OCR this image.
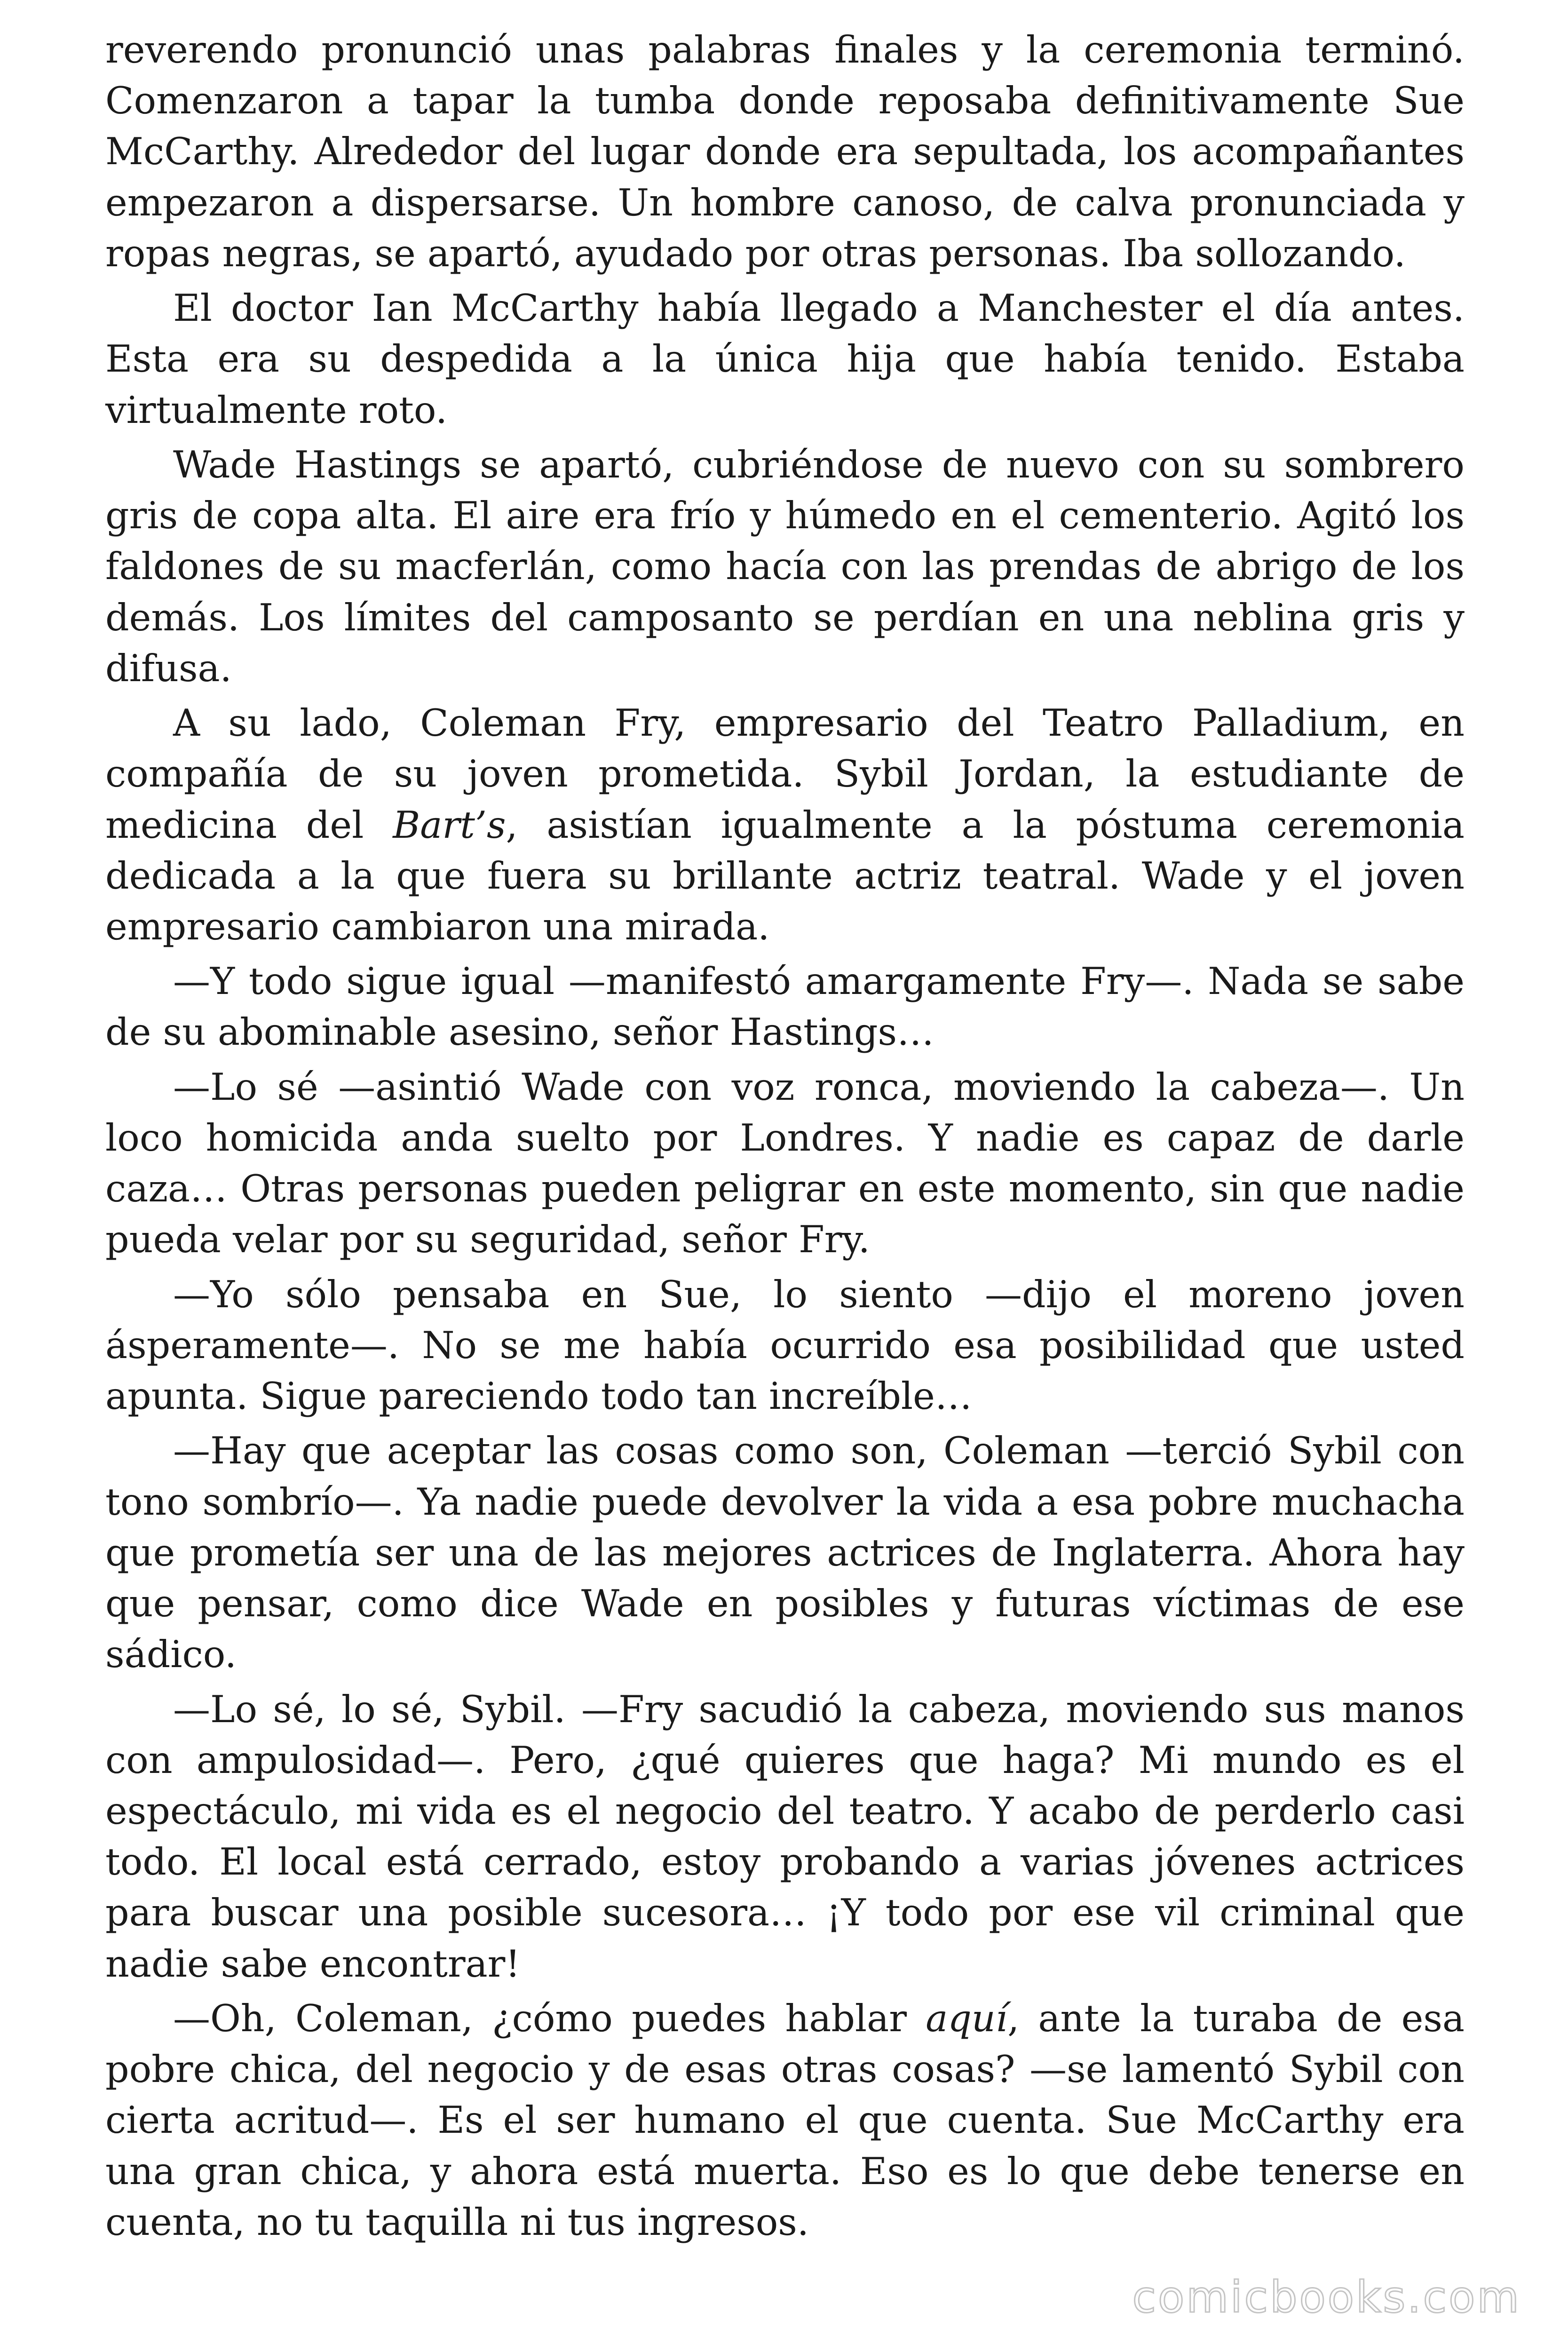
reverendo pronunció unas palabras finales y la ceremonia terminó. Comenzaron a tapar la tumba donde reposaba definitivamente Sue McCarthy. Alrededor del lugar donde era sepultada, los acompañantes empezaron a dispersarse. Un hombre canoso, de calva pronunciada y ropas negras, se apartó, ayudado por otras personas. Iba sollozando.

El doctor Ian McCarthy había llegado a Manchester el día antes. Esta era su despedida a la única hija que había tenido. Estaba virtualmente roto.

Wade Hastings se apartó, cubriéndose de nuevo con su sombrero gris de copa alta. El aire era frío y húmedo en el cementerio. Agitó los faldones de su macferlán, como hacía con las prendas de abrigo de los demás. Los límites del camposanto se perdían en una neblina gris y difusa.

A su lado, Coleman Fry, empresario del Teatro Palladium, en compañía de su joven prometida. Sybil Jordan, la estudiante de medicina del Bart’s, asistían igualmente a la póstuma ceremonia dedicada a la que fuera su brillante actriz teatral. Wade y el joven empresario cambiaron una mirada.

—Y todo sigue igual —manifestó amargamente Fry—. Nada se sabe de su abominable asesino, señor Hastings…

—Lo sé —asintió Wade con voz ronca, moviendo la cabeza—. Un loco homicida anda suelto por Londres. Y nadie es capaz de darle caza… Otras personas pueden peligrar en este momento, sin que nadie pueda velar por su seguridad, señor Fry.

—Yo sólo pensaba en Sue, lo siento —dijo el moreno joven ásperamente—. No se me había ocurrido esa posibilidad que usted apunta. Sigue pareciendo todo tan increíble…

—Hay que aceptar las cosas como son, Coleman —terció Sybil con tono sombrío—. Ya nadie puede devolver la vida a esa pobre muchacha que prometía ser una de las mejores actrices de Inglaterra. Ahora hay que pensar, como dice Wade en posibles y futuras víctimas de ese sádico.

—Lo sé, lo sé, Sybil. —Fry sacudió la cabeza, moviendo sus manos con ampulosidad—. Pero, ¿qué quieres que haga? Mi mundo es el espectáculo, mi vida es el negocio del teatro. Y acabo de perderlo casi todo. El local está cerrado, estoy probando a varias jóvenes actrices para buscar una posible sucesora… ¡Y todo por ese vil criminal que nadie sabe encontrar!

—Oh, Coleman, ¿cómo puedes hablar aquí, ante la turaba de esa pobre chica, del negocio y de esas otras cosas? —se lamentó Sybil con cierta acritud—. Es el ser humano el que cuenta. Sue McCarthy era una gran chica, y ahora está muerta. Eso es lo que debe tenerse en cuenta, no tu taquilla ni tus ingresos.

comicbooks.com
